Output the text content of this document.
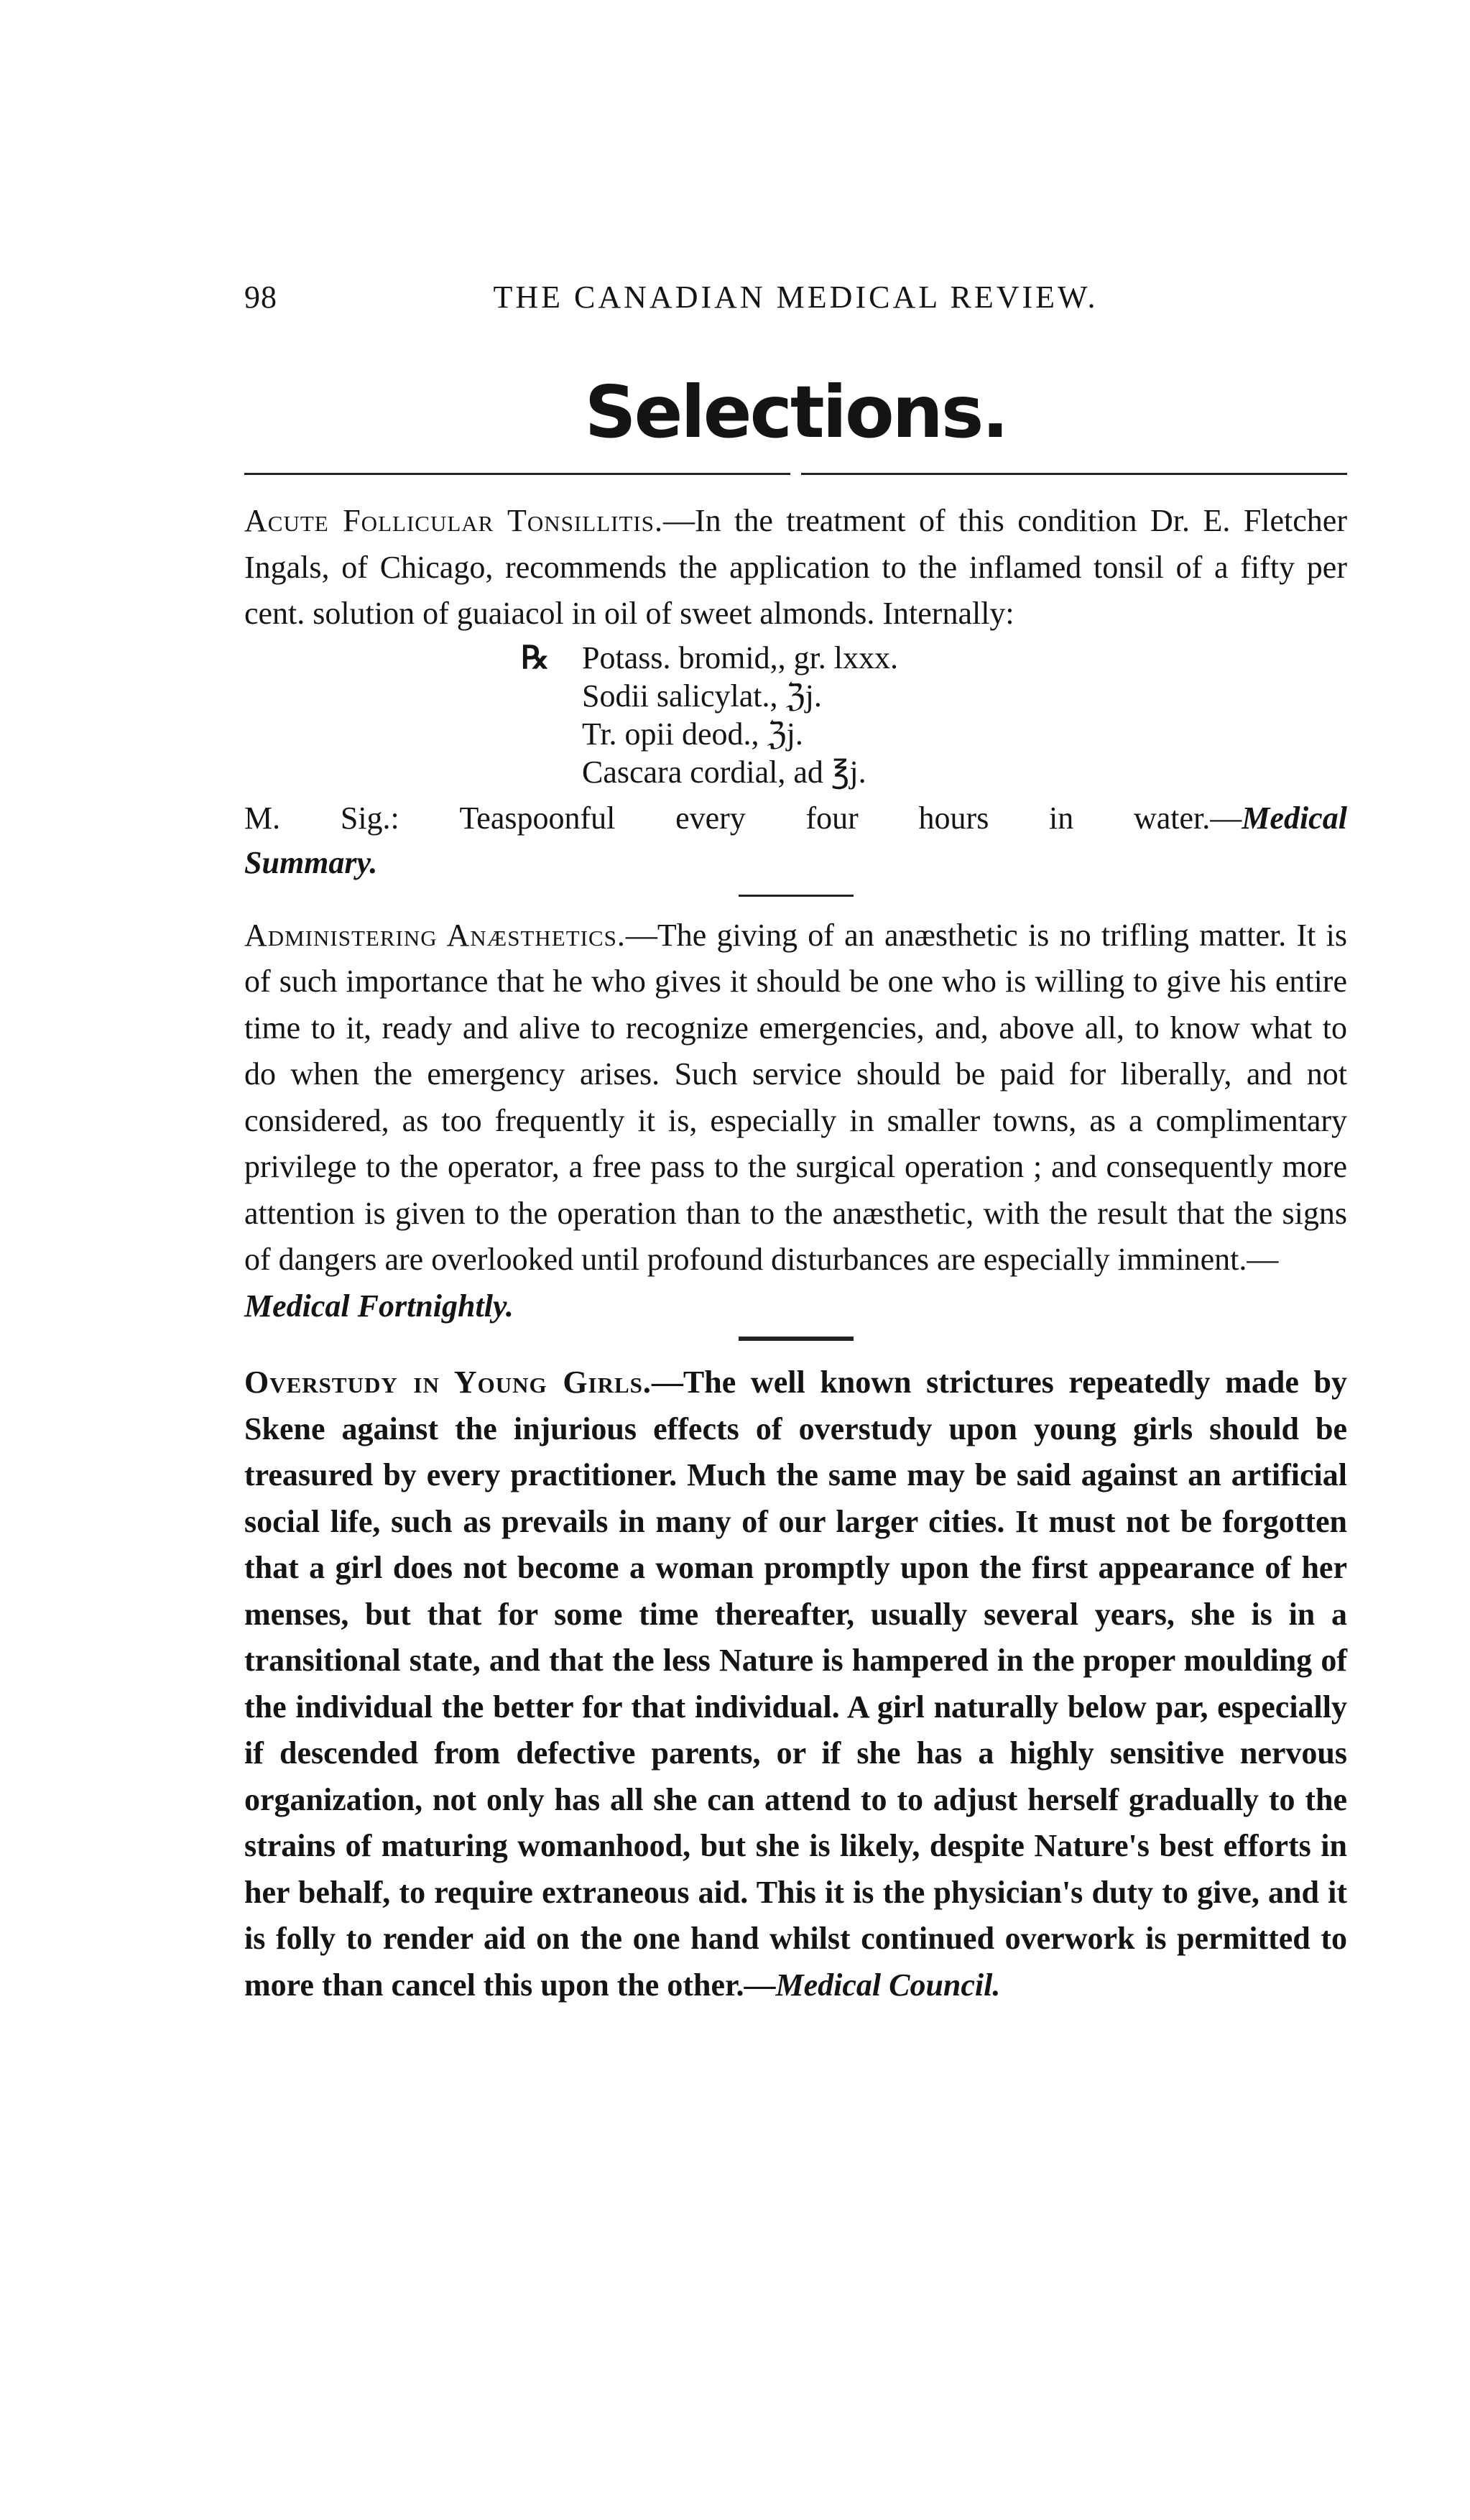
98	THE CANADIAN MEDICAL REVIEW.
Selections.

Acute Follicular Tonsillitis.—In the treatment of this condition Dr. E. Fletcher Ingals, of Chicago, recommends the application to the inflamed tonsil of a fifty per cent. solution of guaiacol in oil of sweet almonds. Internally:

℞	Potass. bromid,, gr. lxxx.
Sodii salicylat., ℨj.
Tr. opii deod., ℨj.
Cascara cordial, ad ℥j.
M. Sig.: Teaspoonful every four hours in water.—Medical
Summary.

Administering Anæsthetics.—The giving of an anæsthetic is no trifling matter. It is of such importance that he who gives it should be one who is willing to give his entire time to it, ready and alive to recognize emergencies, and, above all, to know what to do when the emergency arises. Such service should be paid for liberally, and not considered, as too frequently it is, especially in smaller towns, as a complimentary privilege to the operator, a free pass to the surgical operation ; and consequently more attention is given to the operation than to the anæsthetic, with the result that the signs of dangers are overlooked until profound disturbances are especially imminent.—
Medical Fortnightly.

Overstudy in Young Girls.—The well known strictures repeatedly made by Skene against the injurious effects of overstudy upon young girls should be treasured by every practitioner. Much the same may be said against an artificial social life, such as prevails in many of our larger cities. It must not be forgotten that a girl does not become a woman promptly upon the first appearance of her menses, but that for some time thereafter, usually several years, she is in a transitional state, and that the less Nature is hampered in the proper moulding of the individual the better for that individual. A girl naturally below par, especially if descended from defective parents, or if she has a highly sensitive nervous organization, not only has all she can attend to to adjust herself gradually to the strains of maturing womanhood, but she is likely, despite Nature's best efforts in her behalf, to require extraneous aid. This it is the physician's duty to give, and it is folly to render aid on the one hand whilst continued overwork is permitted to more than cancel this upon the other.—Medical Council.
